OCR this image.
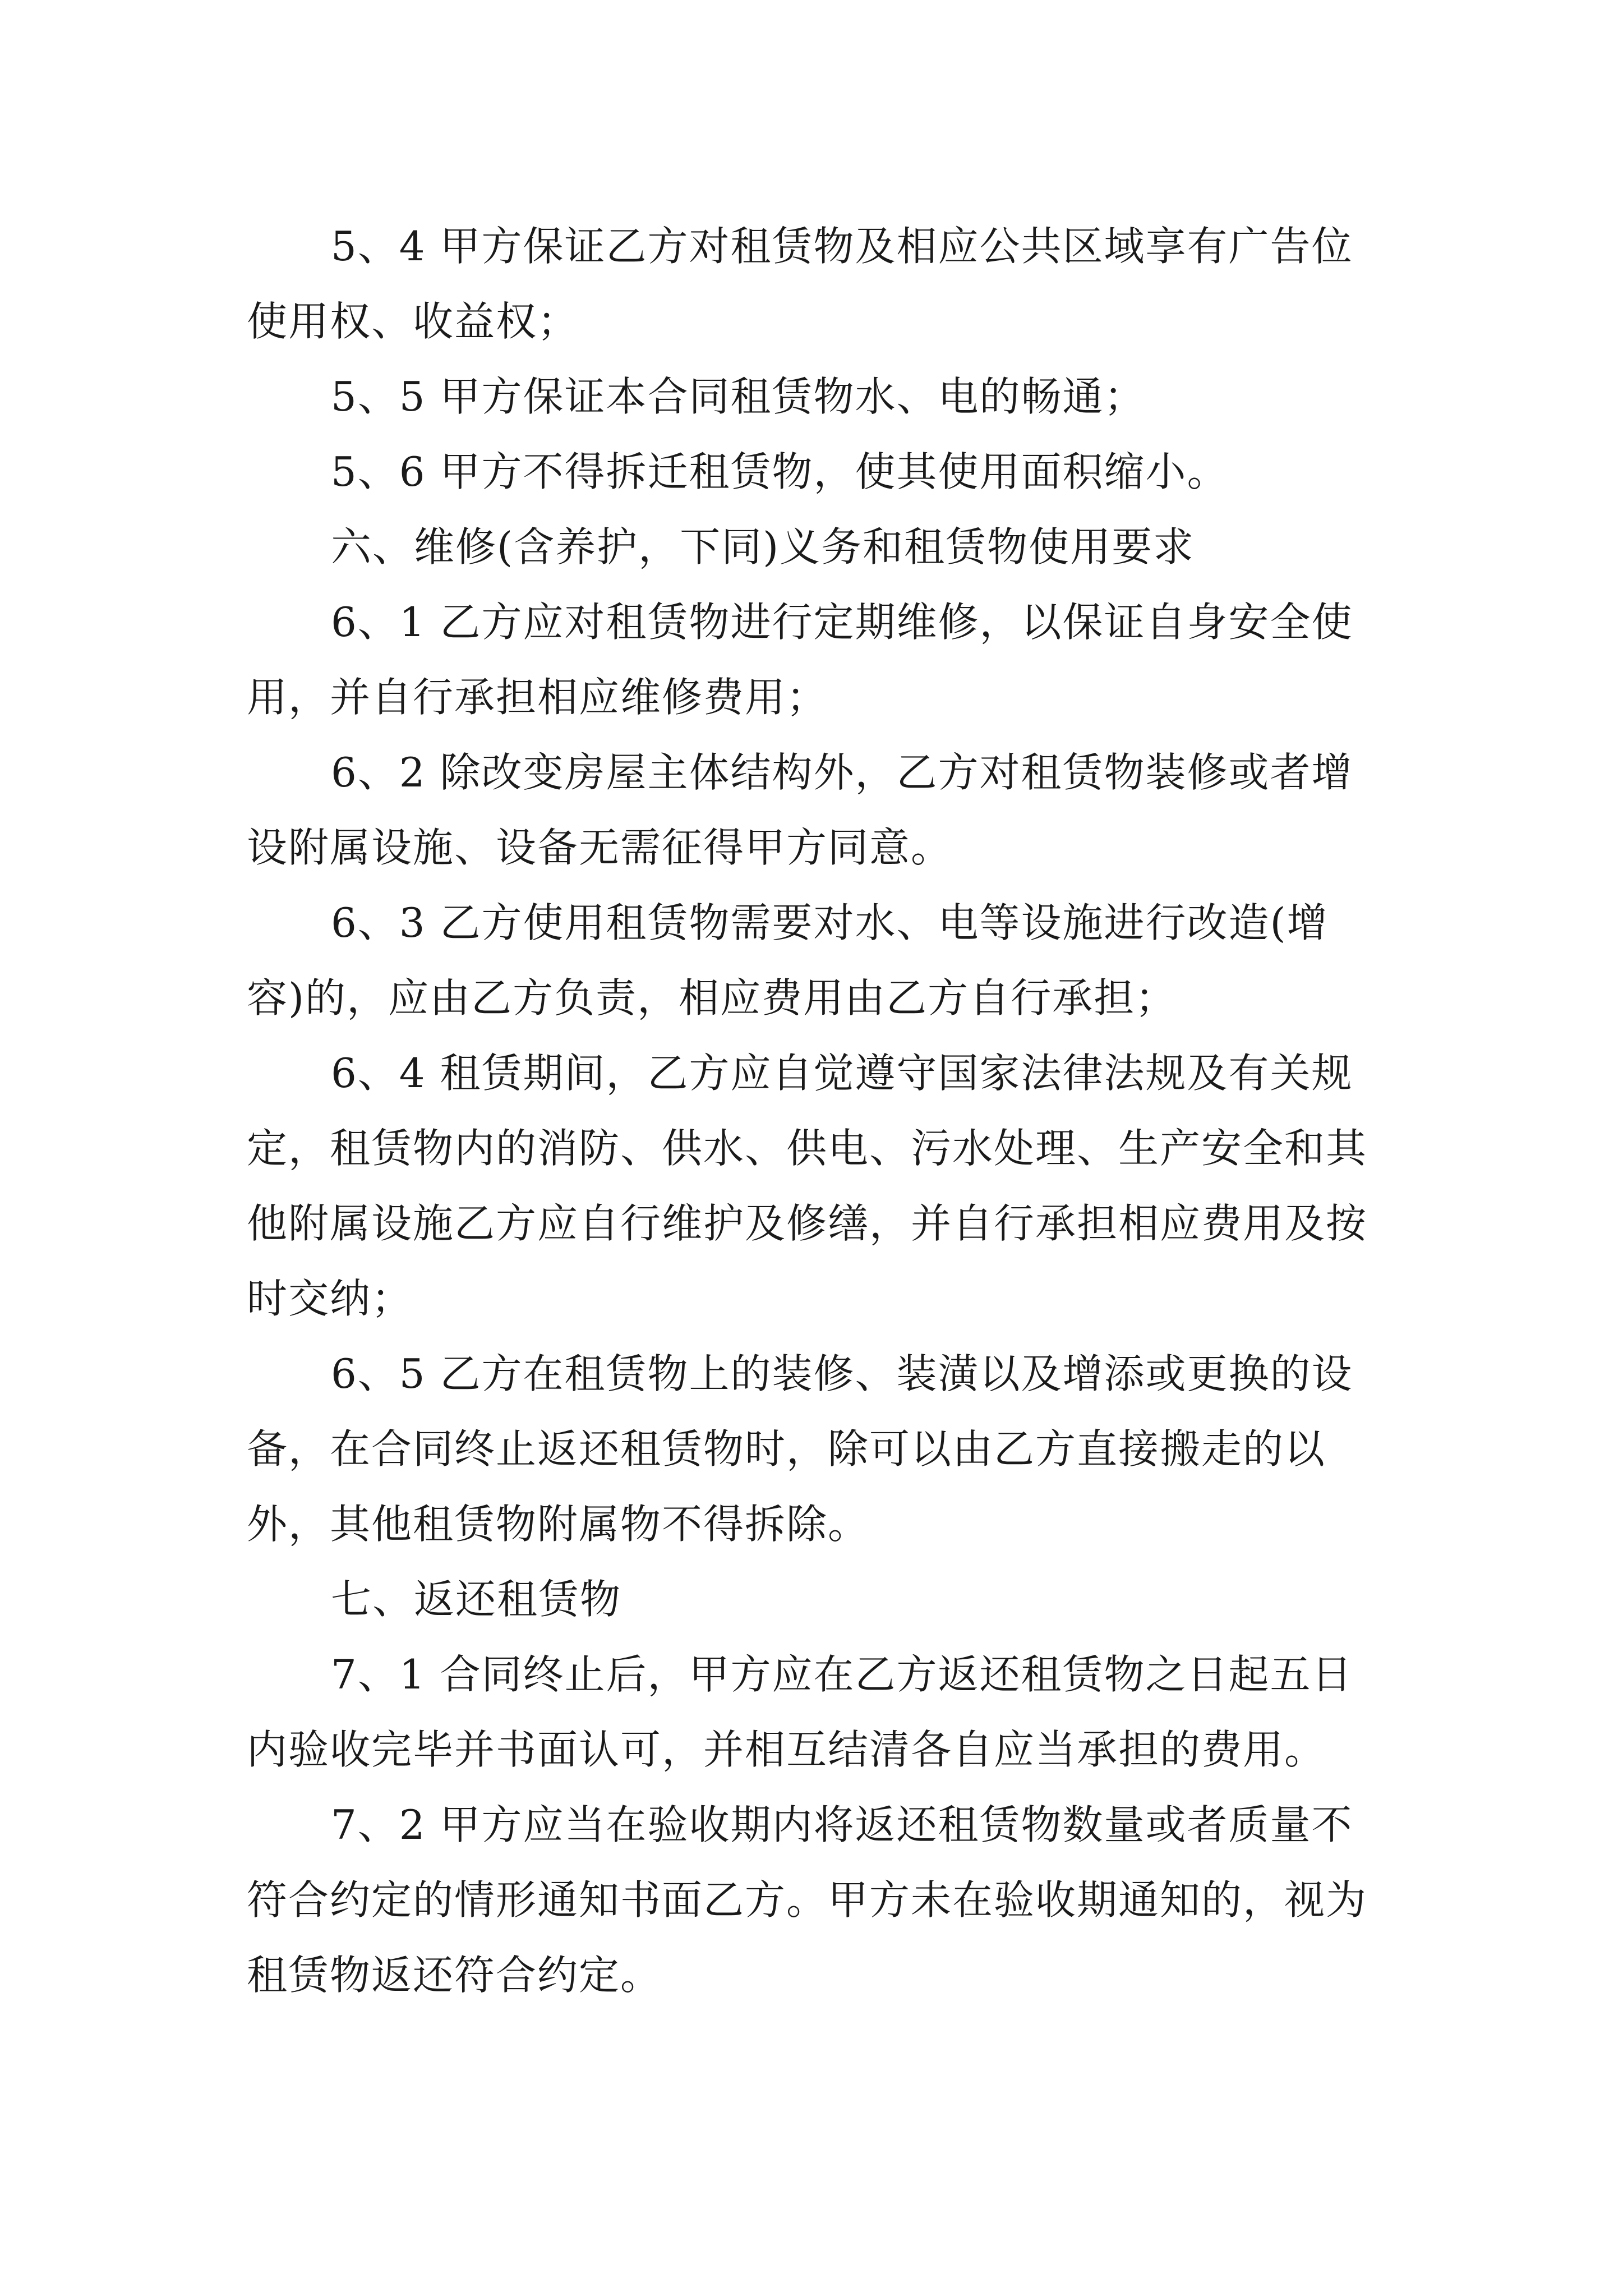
5、4 甲方保证乙方对租赁物及相应公共区域享有广告位使用权、收益权；

5、5 甲方保证本合同租赁物水、电的畅通；

5、6 甲方不得拆迁租赁物，使其使用面积缩小。

六、维修(含养护，下同)义务和租赁物使用要求

6、1 乙方应对租赁物进行定期维修，以保证自身安全使用，并自行承担相应维修费用；

6、2 除改变房屋主体结构外，乙方对租赁物装修或者增设附属设施、设备无需征得甲方同意。

6、3 乙方使用租赁物需要对水、电等设施进行改造(增容)的，应由乙方负责，相应费用由乙方自行承担；

6、4 租赁期间，乙方应自觉遵守国家法律法规及有关规定，租赁物内的消防、供水、供电、污水处理、生产安全和其他附属设施乙方应自行维护及修缮，并自行承担相应费用及按时交纳；

6、5 乙方在租赁物上的装修、装潢以及增添或更换的设备，在合同终止返还租赁物时，除可以由乙方直接搬走的以外，其他租赁物附属物不得拆除。

七、返还租赁物

7、1 合同终止后，甲方应在乙方返还租赁物之日起五日内验收完毕并书面认可，并相互结清各自应当承担的费用。

7、2 甲方应当在验收期内将返还租赁物数量或者质量不符合约定的情形通知书面乙方。甲方未在验收期通知的，视为租赁物返还符合约定。
